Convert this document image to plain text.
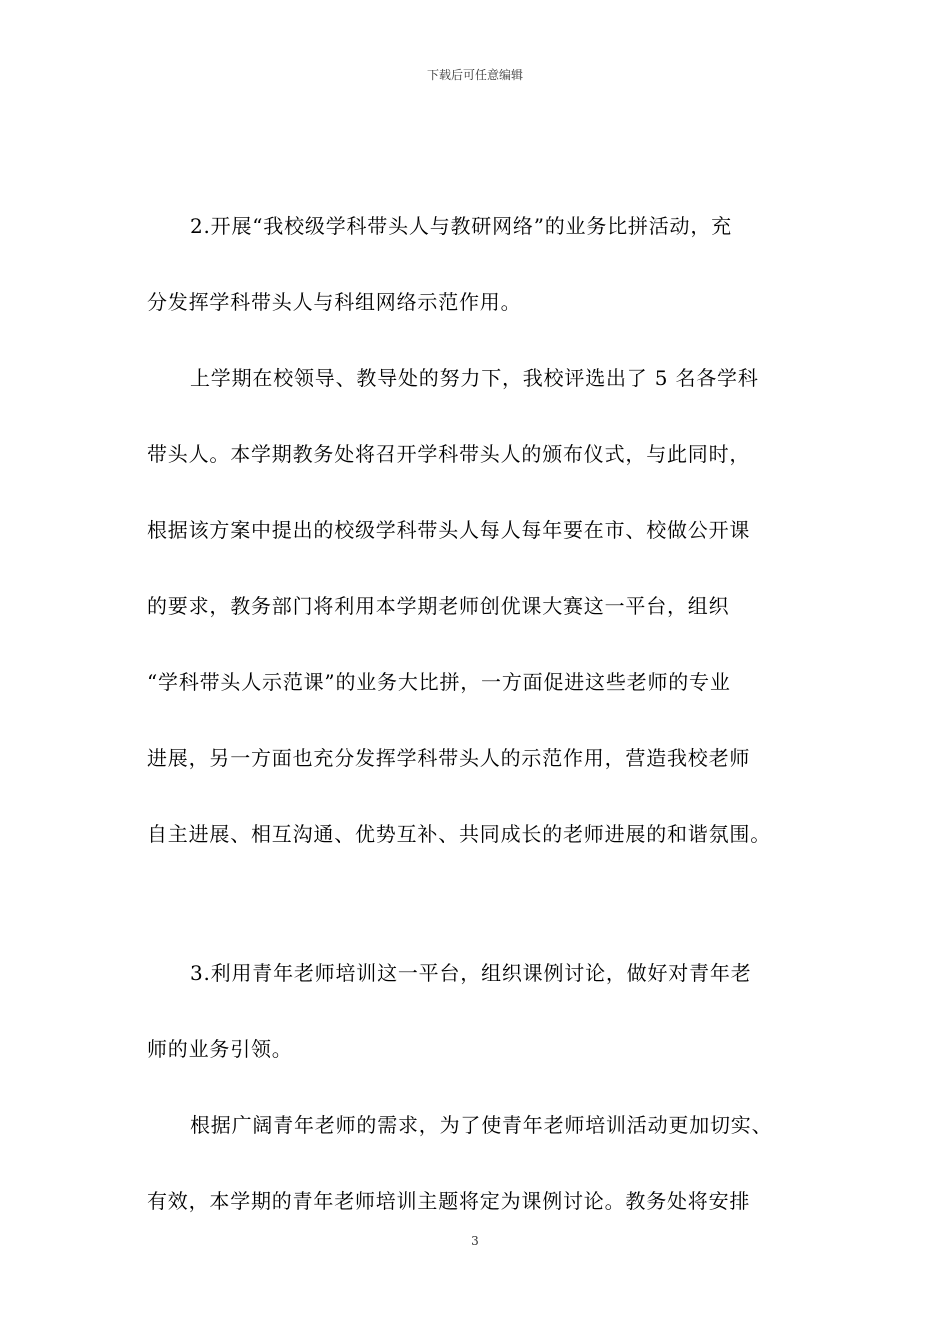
下载后可任意编辑
2.开展“我校级学科带头人与教研网络”的业务比拼活动，充
分发挥学科带头人与科组网络示范作用。
上学期在校领导、教导处的努力下，我校评选出了 5 名各学科
带头人。本学期教务处将召开学科带头人的颁布仪式，与此同时，
根据该方案中提出的校级学科带头人每人每年要在市、校做公开课
的要求，教务部门将利用本学期老师创优课大赛这一平台，组织
“学科带头人示范课”的业务大比拼，一方面促进这些老师的专业
进展，另一方面也充分发挥学科带头人的示范作用，营造我校老师
自主进展、相互沟通、优势互补、共同成长的老师进展的和谐氛围。
3.利用青年老师培训这一平台，组织课例讨论，做好对青年老
师的业务引领。
根据广阔青年老师的需求，为了使青年老师培训活动更加切实、
有效，本学期的青年老师培训主题将定为课例讨论。教务处将安排
3
